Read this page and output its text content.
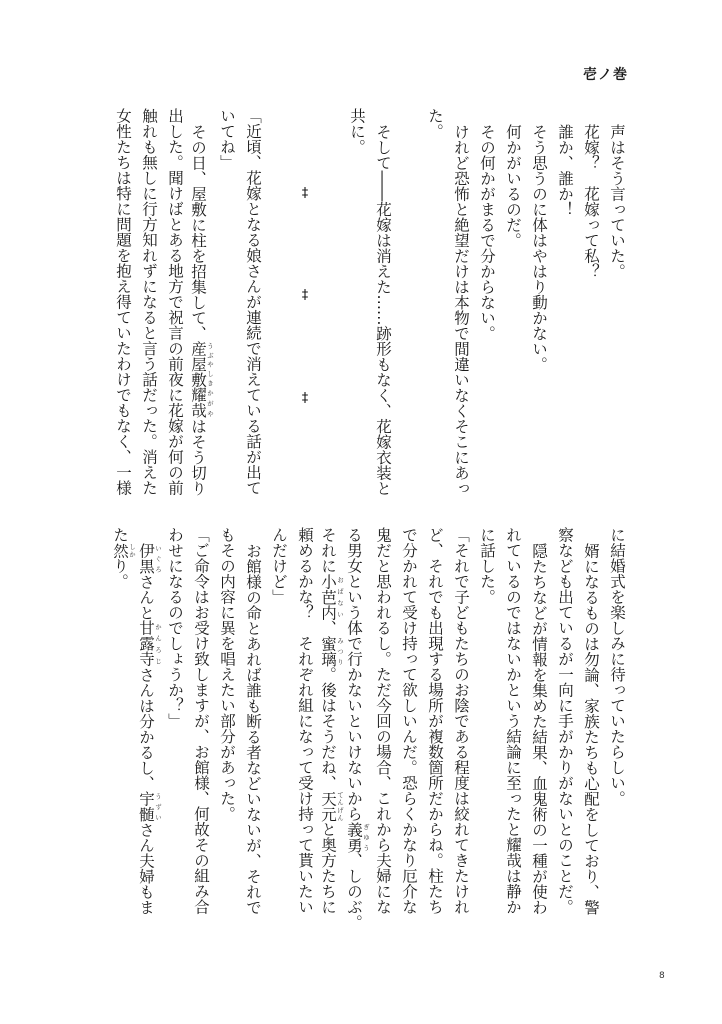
壱ノ巻
声はそう言っていた。
花嫁？　花嫁って私？
誰か、誰か！
そう思うのに体はやはり動かない。
何かがいるのだ。
その何かがまるで分からない。
けれど恐怖と絶望だけは本物で間違いなくそこにあっ
た。
そして――花嫁は消えた……跡形もなく、花嫁衣装と
共に。
‡
‡
‡
「近頃、花嫁となる娘さんが連続で消えている話が出て
いてね」
その日、屋敷に柱を招集して、産屋敷 うぶやしき耀哉 かがやはそう切り
出した。聞けばとある地方で祝言の前夜に花嫁が何の前
触れも無しに行方知れずになると言う話だった。消えた
女性たちは特に問題を抱え得ていたわけでもなく、一様
に結婚式を楽しみに待っていたらしい。
婿になるものは勿論、家族たちも心配をしており、警
察なども出ているが一向に手がかりがないとのことだ。
隠たちなどが情報を集めた結果、血鬼術の一種が使わ
れているのではないかという結論に至ったと耀哉は静か
に話した。
「それで子どもたちのお陰である程度は絞れてきたけれ
ど、それでも出現する場所が複数箇所だからね。柱たち
で分かれて受け持って欲しいんだ。恐らくかなり厄介な
鬼だと思われるし。ただ今回の場合、これから夫婦にな
る男女という体で行かないといけないから義勇 ぎゆう、しのぶ。
それに小芭内 おばない、蜜璃 みつり。後はそうだね、天元 てんげんと奥方たちに
頼めるかな？　それぞれ組になって受け持って貰いたい
んだけど」
お館様の命とあれば誰も断る者などいないが、それで
もその内容に異を唱えたい部分があった。
「ご命令はお受け致しますが、お館様、何故その組み合
わせになるのでしょうか？」
伊黒 いぐろさんと甘露寺 かんろじさんは分かるし、宇髄 うずいさん夫婦もま
た然 しかり。
8
